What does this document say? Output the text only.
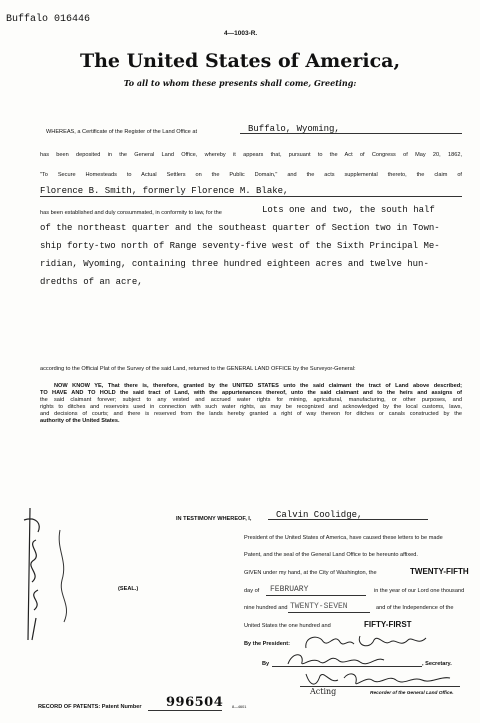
Buffalo 016446
4—1003-R.
The United States of America,
To all to whom these presents shall come, Greeting:
WHEREAS, a Certificate of the Register of the Land Office at	Buffalo, Wyoming,
has been deposited in the General Land Office, whereby it appears that, pursuant to the Act of Congress of May 20, 1862,
"To Secure Homesteads to Actual Settlers on the Public Domain," and the acts supplemental thereto, the claim of
Florence B. Smith, formerly Florence M. Blake,
has been established and duly consummated, in conformity to law, for the	Lots one and two, the south half
of the northeast quarter and the southeast quarter of Section two in Town-
ship forty-two north of Range seventy-five west of the Sixth Principal Me-
ridian, Wyoming, containing three hundred eighteen acres and twelve hun-
dredths of an acre,
according to the Official Plat of the Survey of the said Land, returned to the GENERAL LAND OFFICE by the Surveyor-General:
NOW KNOW YE, That there is, therefore, granted by the UNITED STATES unto the said claimant the tract of Land above described;
TO HAVE AND TO HOLD the said tract of Land, with the appurtenances thereof, unto the said claimant and to the heirs and assigns of
the said claimant forever; subject to any vested and accrued water rights for mining, agricultural, manufacturing, or other purposes, and
rights to ditches and reservoirs used in connection with such water rights, as may be recognized and acknowledged by the local customs, laws,
and decisions of courts; and there is reserved from the lands hereby granted a right of way thereon for ditches or canals constructed by the
authority of the United States.
IN TESTIMONY WHEREOF, I,	Calvin Coolidge,
President of the United States of America, have caused these letters to be made
Patent, and the seal of the General Land Office to be hereunto affixed.
GIVEN under my hand, at the City of Washington, the	TWENTY-FIFTH
day of FEBRUARY	in the year of our Lord one thousand
nine hundred and TWENTY-SEVEN	and of the Independence of the
United States the one hundred and	FIFTY-FIRST
By the President:
By	, Secretary.
Acting	Recorder of the General Land Office.
(SEAL.)
RECORD OF PATENTS: Patent Number 996504 8—4601
